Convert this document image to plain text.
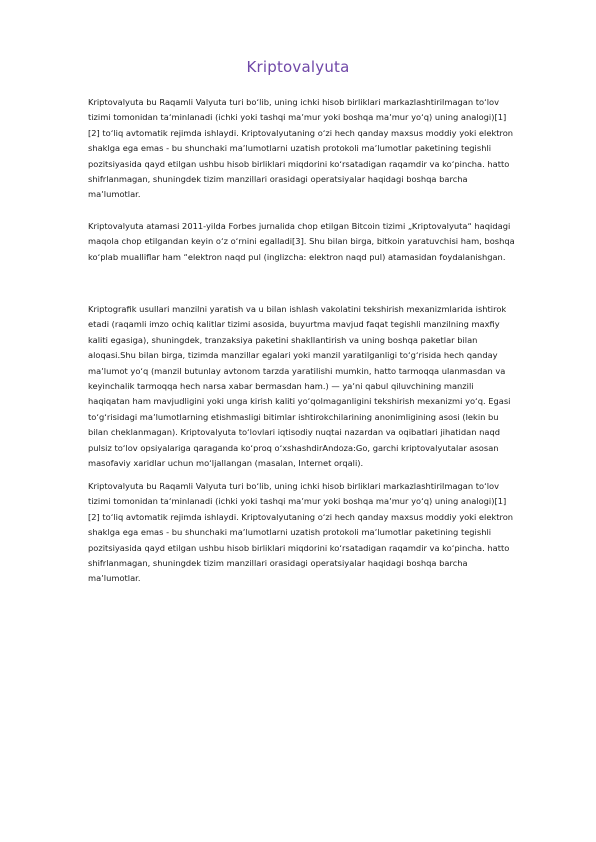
Kriptovalyuta

Kriptovalyuta bu Raqamli Valyuta turi boʻlib, uning ichki hisob birliklari markazlashtirilmagan toʻlov tizimi tomonidan taʻminlanadi (ichki yoki tashqi maʼmur yoki boshqa maʼmur yoʻq) uning analogi)[1][2] toʻliq avtomatik rejimda ishlaydi. Kriptovalyutaning oʻzi hech qanday maxsus moddiy yoki elektron shaklga ega emas - bu shunchaki maʼlumotlarni uzatish protokoli maʼlumotlar paketining tegishli pozitsiyasida qayd etilgan ushbu hisob birliklari miqdorini koʻrsatadigan raqamdir va koʻpincha. hatto shifrlanmagan, shuningdek tizim manzillari orasidagi operatsiyalar haqidagi boshqa barcha maʼlumotlar.

Kriptovalyuta atamasi 2011-yilda Forbes jurnalida chop etilgan Bitcoin tizimi „Kriptovalyuta“ haqidagi maqola chop etilgandan keyin oʻz oʻrnini egalladi[3]. Shu bilan birga, bitkoin yaratuvchisi ham, boshqa koʻplab mualliflar ham “elektron naqd pul (inglizcha: elektron naqd pul) atamasidan foydalanishgan.

Kriptografik usullari manzilni yaratish va u bilan ishlash vakolatini tekshirish mexanizmlarida ishtirok etadi (raqamli imzo ochiq kalitlar tizimi asosida, buyurtma mavjud faqat tegishli manzilning maxfiy kaliti egasiga), shuningdek, tranzaksiya paketini shakllantirish va uning boshqa paketlar bilan aloqasi.Shu bilan birga, tizimda manzillar egalari yoki manzil yaratilganligi toʻgʻrisida hech qanday maʼlumot yoʻq (manzil butunlay avtonom tarzda yaratilishi mumkin, hatto tarmoqqa ulanmasdan va keyinchalik tarmoqqa hech narsa xabar bermasdan ham.) — yaʼni qabul qiluvchining manzili haqiqatan ham mavjudligini yoki unga kirish kaliti yoʻqolmaganligini tekshirish mexanizmi yoʻq. Egasi toʻgʻrisidagi maʼlumotlarning etishmasligi bitimlar ishtirokchilarining anonimligining asosi (lekin bu bilan cheklanmagan). Kriptovalyuta toʻlovlari iqtisodiy nuqtai nazardan va oqibatlari jihatidan naqd pulsiz toʻlov opsiyalariga qaraganda koʻproq oʻxshashdirAndoza:Go, garchi kriptovalyutalar asosan masofaviy xaridlar uchun moʻljallangan (masalan, Internet orqali).

Kriptovalyuta bu Raqamli Valyuta turi boʻlib, uning ichki hisob birliklari markazlashtirilmagan toʻlov tizimi tomonidan taʻminlanadi (ichki yoki tashqi maʼmur yoki boshqa maʼmur yoʻq) uning analogi)[1][2] toʻliq avtomatik rejimda ishlaydi. Kriptovalyutaning oʻzi hech qanday maxsus moddiy yoki elektron shaklga ega emas - bu shunchaki maʼlumotlarni uzatish protokoli maʼlumotlar paketining tegishli pozitsiyasida qayd etilgan ushbu hisob birliklari miqdorini koʻrsatadigan raqamdir va koʻpincha. hatto shifrlanmagan, shuningdek tizim manzillari orasidagi operatsiyalar haqidagi boshqa barcha maʼlumotlar.
